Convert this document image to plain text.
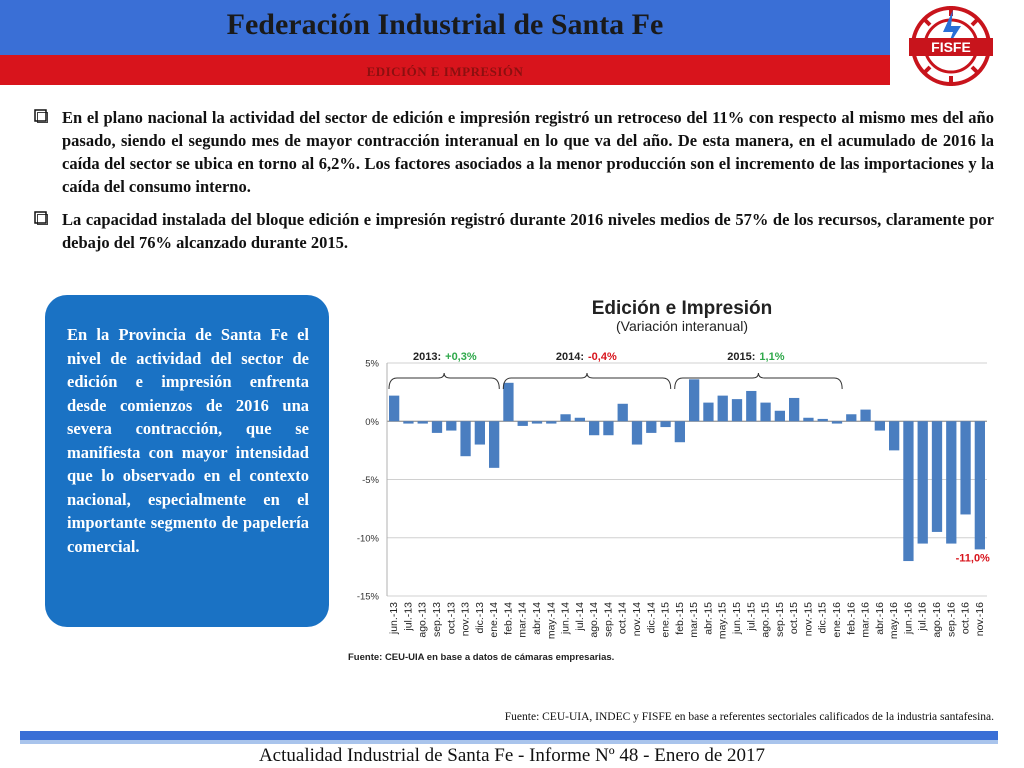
Federación Industrial de Santa Fe
EDICIÓN E IMPRESIÓN
FISFE
En el plano nacional la actividad del sector de edición e impresión registró un retroceso del 11% con respecto al mismo mes del año pasado, siendo el segundo mes de mayor contracción interanual en lo que va del año. De esta manera, en el acumulado de 2016 la caída del sector se ubica en torno al 6,2%. Los factores asociados a la menor producción son el incremento de las importaciones y la caída del consumo interno.
La capacidad instalada del bloque edición e impresión registró durante 2016 niveles medios de 57% de los recursos, claramente por debajo del 76% alcanzado durante 2015.
En la Provincia de Santa Fe el nivel de actividad del sector de edición e impresión enfrenta desde comienzos de 2016 una severa contracción, que se manifiesta con mayor intensidad que lo observado en el contexto nacional, especialmente en el importante segmento de papelería comercial.
Edición e Impresión
(Variación interanual)
5%
0%
-5%
-10%
-15%
jun.-13 jul.-13 ago.-13 sep.-13 oct.-13 nov.-13 dic.-13 ene.-14 feb.-14 mar.-14 abr.-14 may.-14 jun.-14 jul.-14 ago.-14 sep.-14 oct.-14 nov.-14 dic.-14 ene.-15 feb.-15 mar.-15 abr.-15 may.-15 jun.-15 jul.-15 ago.-15 sep.-15 oct.-15 nov.-15 dic.-15 ene.-16 feb.-16 mar.-16 abr.-16 may.-16 jun.-16 jul.-16 ago.-16 sep.-16 oct.-16 nov.-16
2013: +0,3%	2014: -0,4%	2015: 1,1%
-11,0%
Fuente: CEU-UIA en base a datos de cámaras empresarias.
Fuente: CEU-UIA, INDEC y FISFE en base a referentes sectoriales calificados de la industria santafesina.
Actualidad Industrial de Santa Fe - Informe Nº 48 - Enero de 2017
